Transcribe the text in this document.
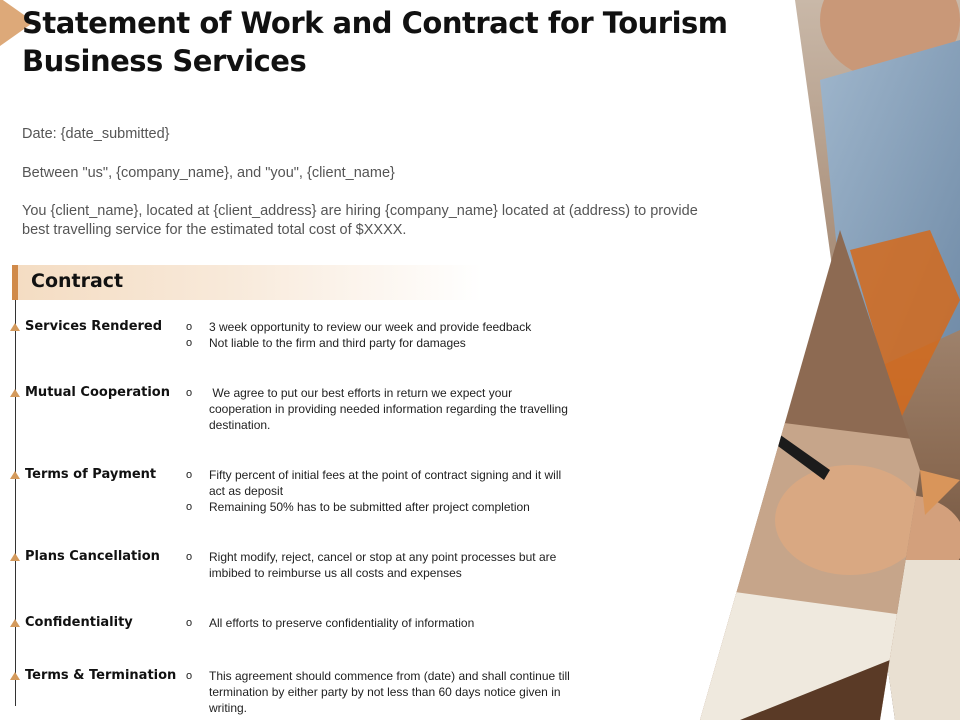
Statement of Work and Contract for Tourism Business Services
Date: {date_submitted}
Between "us", {company_name}, and "you", {client_name}
You {client_name}, located at {client_address} are hiring {company_name} located at (address) to provide best travelling service for the estimated total cost of $XXXX.
Contract
Services Rendered o 3 week opportunity to review our week and provide feedback
o Not liable to the firm and third party for damages
Mutual Cooperation o We agree to put our best efforts in return we expect your cooperation in providing needed information regarding the travelling destination.
Terms of Payment	o Fifty percent of initial fees at the point of contract signing and it will act as deposit
o Remaining 50% has to be submitted after project completion
Plans Cancellation o Right modify, reject, cancel or stop at any point processes but are imbibed to reimburse us all costs and expenses
Confidentiality	o All efforts to preserve confidentiality of information
Terms & Termination o This agreement should commence from (date) and shall continue till termination by either party by not less than 60 days notice given in writing.
